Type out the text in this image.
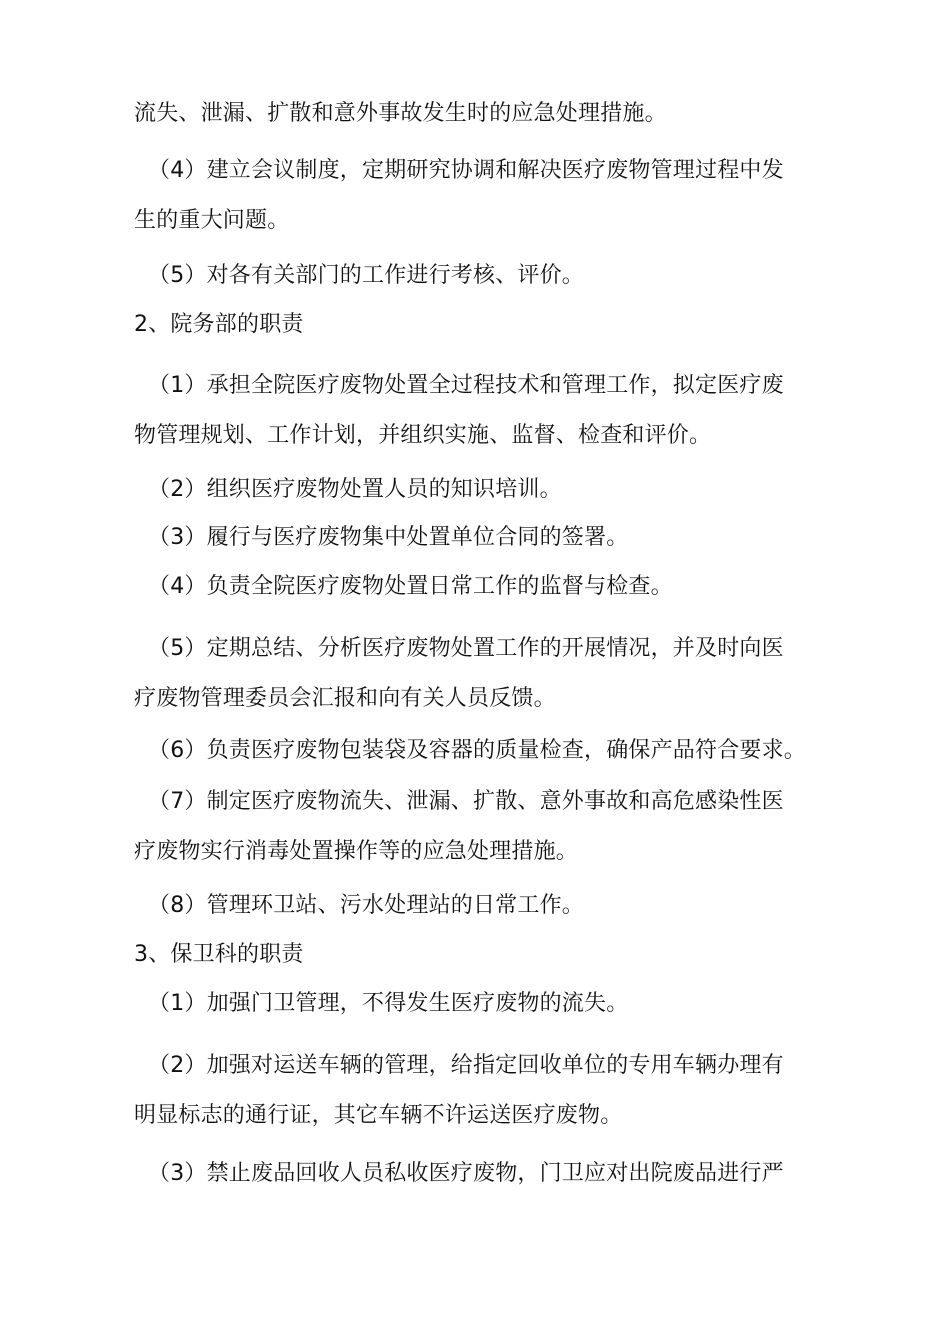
流失、泄漏、扩散和意外事故发生时的应急处理措施。
（4）建立会议制度，定期研究协调和解决医疗废物管理过程中发
生的重大问题。
（5）对各有关部门的工作进行考核、评价。
2、院务部的职责
（1）承担全院医疗废物处置全过程技术和管理工作，拟定医疗废
物管理规划、工作计划，并组织实施、监督、检查和评价。
（2）组织医疗废物处置人员的知识培训。
（3）履行与医疗废物集中处置单位合同的签署。
（4）负责全院医疗废物处置日常工作的监督与检查。
（5）定期总结、分析医疗废物处置工作的开展情况，并及时向医
疗废物管理委员会汇报和向有关人员反馈。
（6）负责医疗废物包装袋及容器的质量检查，确保产品符合要求。
（7）制定医疗废物流失、泄漏、扩散、意外事故和高危感染性医
疗废物实行消毒处置操作等的应急处理措施。
（8）管理环卫站、污水处理站的日常工作。
3、保卫科的职责
（1）加强门卫管理，不得发生医疗废物的流失。
（2）加强对运送车辆的管理，给指定回收单位的专用车辆办理有
明显标志的通行证，其它车辆不许运送医疗废物。
（3）禁止废品回收人员私收医疗废物，门卫应对出院废品进行严
